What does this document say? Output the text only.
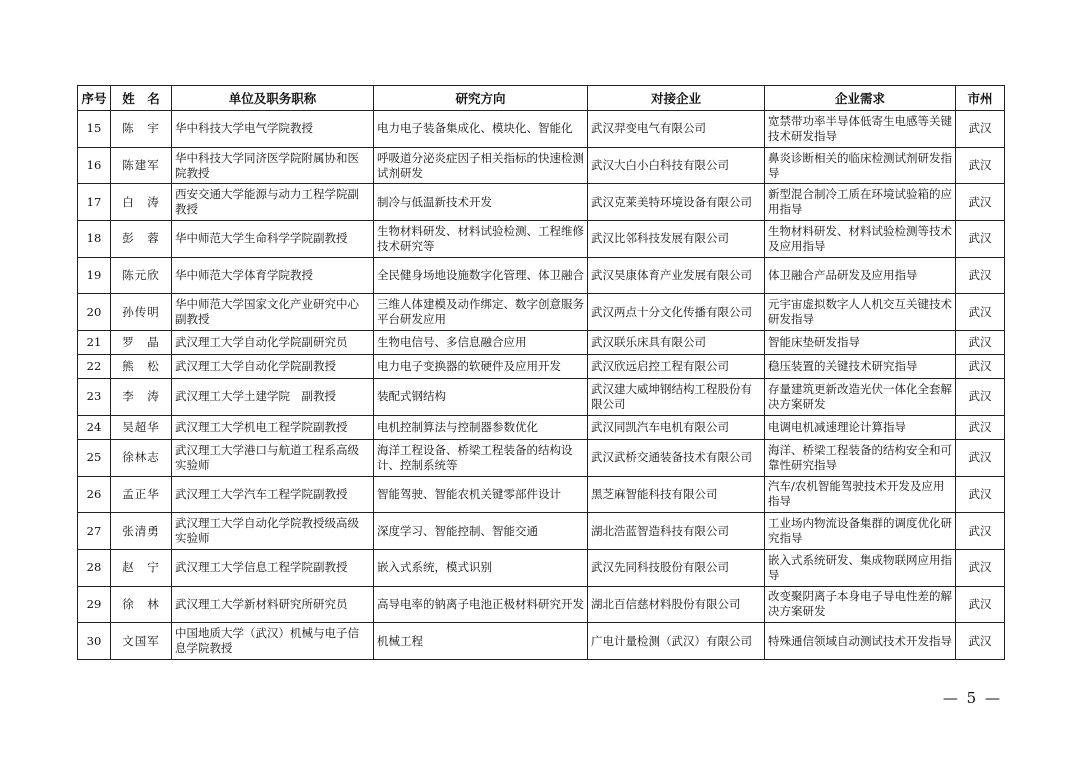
序号	姓　名	单位及职务职称	研究方向	对接企业	企业需求	市州
15	陈　宇	华中科技大学电气学院教授	电力电子装备集成化、模块化、智能化	武汉羿变电气有限公司	宽禁带功率半导体低寄生电感等关键技术研发指导	武汉
16	陈建军	华中科技大学同济医学院附属协和医院教授	呼吸道分泌炎症因子相关指标的快速检测试剂研发	武汉大白小白科技有限公司	鼻炎诊断相关的临床检测试剂研发指导	武汉
17	白　涛	西安交通大学能源与动力工程学院副教授	制冷与低温新技术开发	武汉克莱美特环境设备有限公司	新型混合制冷工质在环境试验箱的应用指导	武汉
18	彭　蓉	华中师范大学生命科学学院副教授	生物材料研发、材料试验检测、工程维修技术研究等	武汉比邻科技发展有限公司	生物材料研发、材料试验检测等技术及应用指导	武汉
19	陈元欣	华中师范大学体育学院教授	全民健身场地设施数字化管理、体卫融合	武汉昊康体育产业发展有限公司	体卫融合产品研发及应用指导	武汉
20	孙传明	华中师范大学国家文化产业研究中心副教授	三维人体建模及动作绑定、数字创意服务平台研发应用	武汉两点十分文化传播有限公司	元宇宙虚拟数字人人机交互关键技术研发指导	武汉
21	罗　晶	武汉理工大学自动化学院副研究员	生物电信号、多信息融合应用	武汉联乐床具有限公司	智能床垫研发指导	武汉
22	熊　松	武汉理工大学自动化学院副教授	电力电子变换器的软硬件及应用开发	武汉欣远启控工程有限公司	稳压装置的关键技术研究指导	武汉
23	李　涛	武汉理工大学土建学院　副教授	装配式钢结构	武汉建大威坤钢结构工程股份有限公司	存量建筑更新改造光伏一体化全套解决方案研发	武汉
24	吴超华	武汉理工大学机电工程学院副教授	电机控制算法与控制器参数优化	武汉同凯汽车电机有限公司	电调电机减速理论计算指导	武汉
25	徐林志	武汉理工大学港口与航道工程系高级实验师	海洋工程设备、桥梁工程装备的结构设计、控制系统等	武汉武桥交通装备技术有限公司	海洋、桥梁工程装备的结构安全和可靠性研究指导	武汉
26	孟正华	武汉理工大学汽车工程学院副教授	智能驾驶、智能农机关键零部件设计	黑芝麻智能科技有限公司	汽车/农机智能驾驶技术开发及应用指导	武汉
27	张清勇	武汉理工大学自动化学院教授级高级实验师	深度学习、智能控制、智能交通	湖北浩蓝智造科技有限公司	工业场内物流设备集群的调度优化研究指导	武汉
28	赵　宁	武汉理工大学信息工程学院副教授	嵌入式系统，模式识别	武汉先同科技股份有限公司	嵌入式系统研发、集成物联网应用指导	武汉
29	徐　林	武汉理工大学新材料研究所研究员	高导电率的钠离子电池正极材料研究开发	湖北百信慈材料股份有限公司	改变聚阴离子本身电子导电性差的解决方案研发	武汉
30	文国军	中国地质大学（武汉）机械与电子信息学院教授	机械工程	广电计量检测（武汉）有限公司	特殊通信领域自动测试技术开发指导	武汉
— 5 —
